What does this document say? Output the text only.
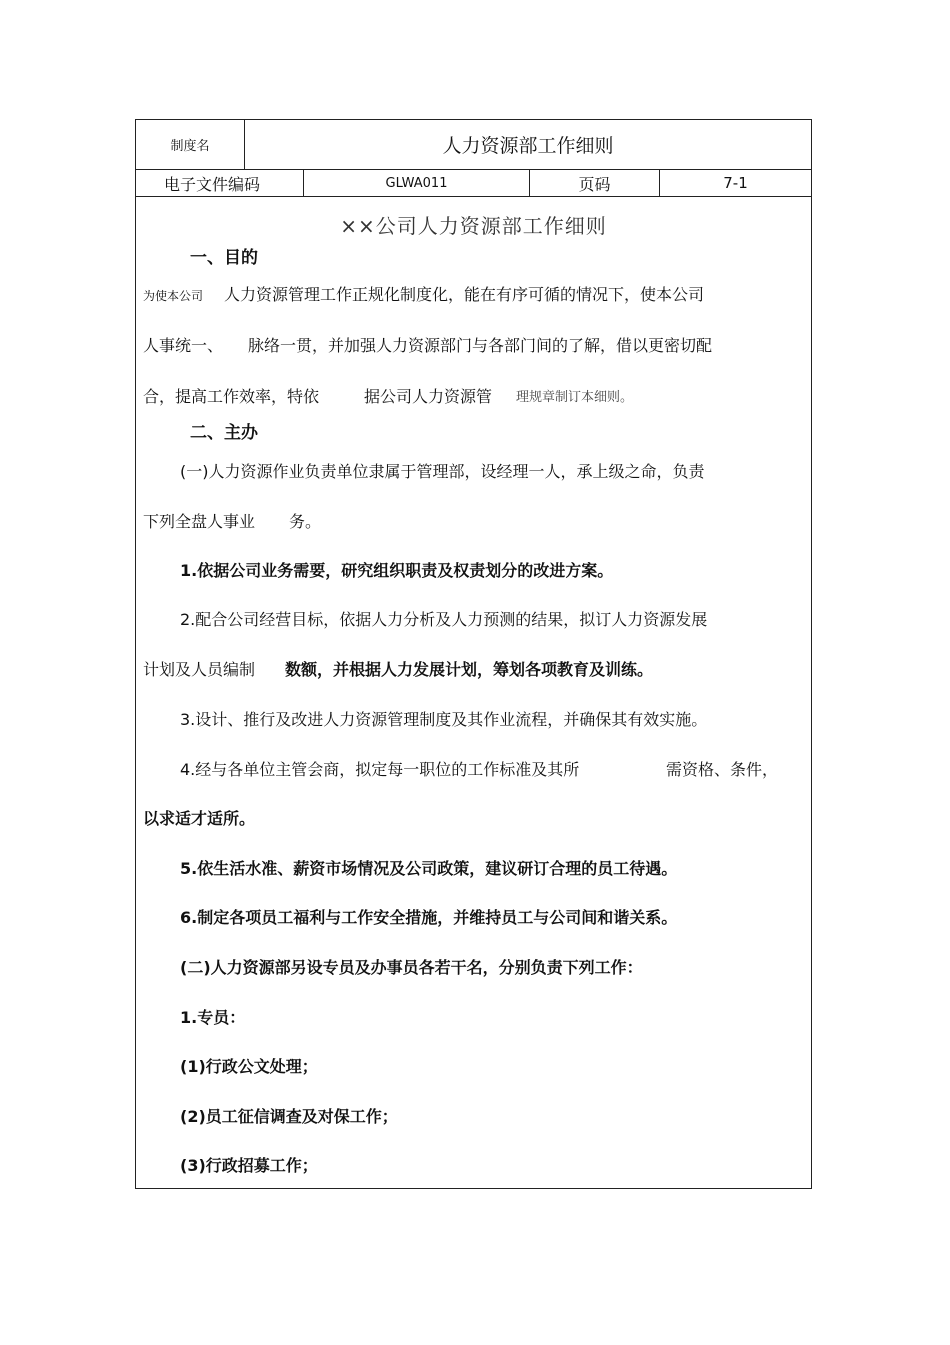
制度名	人力资源部工作细则
电子文件编码	GLWA011	页码	7-1
××公司人力资源部工作细则
一、目的
为使本公司 人力资源管理工作正规化制度化，能在有序可循的情况下，使本公司
人事统一、 脉络一贯，并加强人力资源部门与各部门间的了解，借以更密切配
合，提高工作效率，特依	据公司人力资源管 理规章制订本细则。
二、主办
(一)人力资源作业负责单位隶属于管理部，设经理一人，承上级之命，负责
下列全盘人事业 务。
1.依据公司业务需要，研究组织职责及权责划分的改进方案。
2.配合公司经营目标，依据人力分析及人力预测的结果，拟订人力资源发展
计划及人员编制 数额，并根据人力发展计划，筹划各项教育及训练。
3.设计、推行及改进人力资源管理制度及其作业流程，并确保其有效实施。
4.经与各单位主管会商，拟定每一职位的工作标准及其所	需资格、条件，
以求适才适所。
5.依生活水准、薪资市场情况及公司政策，建议研订合理的员工待遇。
6.制定各项员工福利与工作安全措施，并维持员工与公司间和谐关系。
(二)人力资源部另设专员及办事员各若干名，分别负责下列工作：
1.专员：
(1)行政公文处理；
(2)员工征信调查及对保工作；
(3)行政招募工作；
